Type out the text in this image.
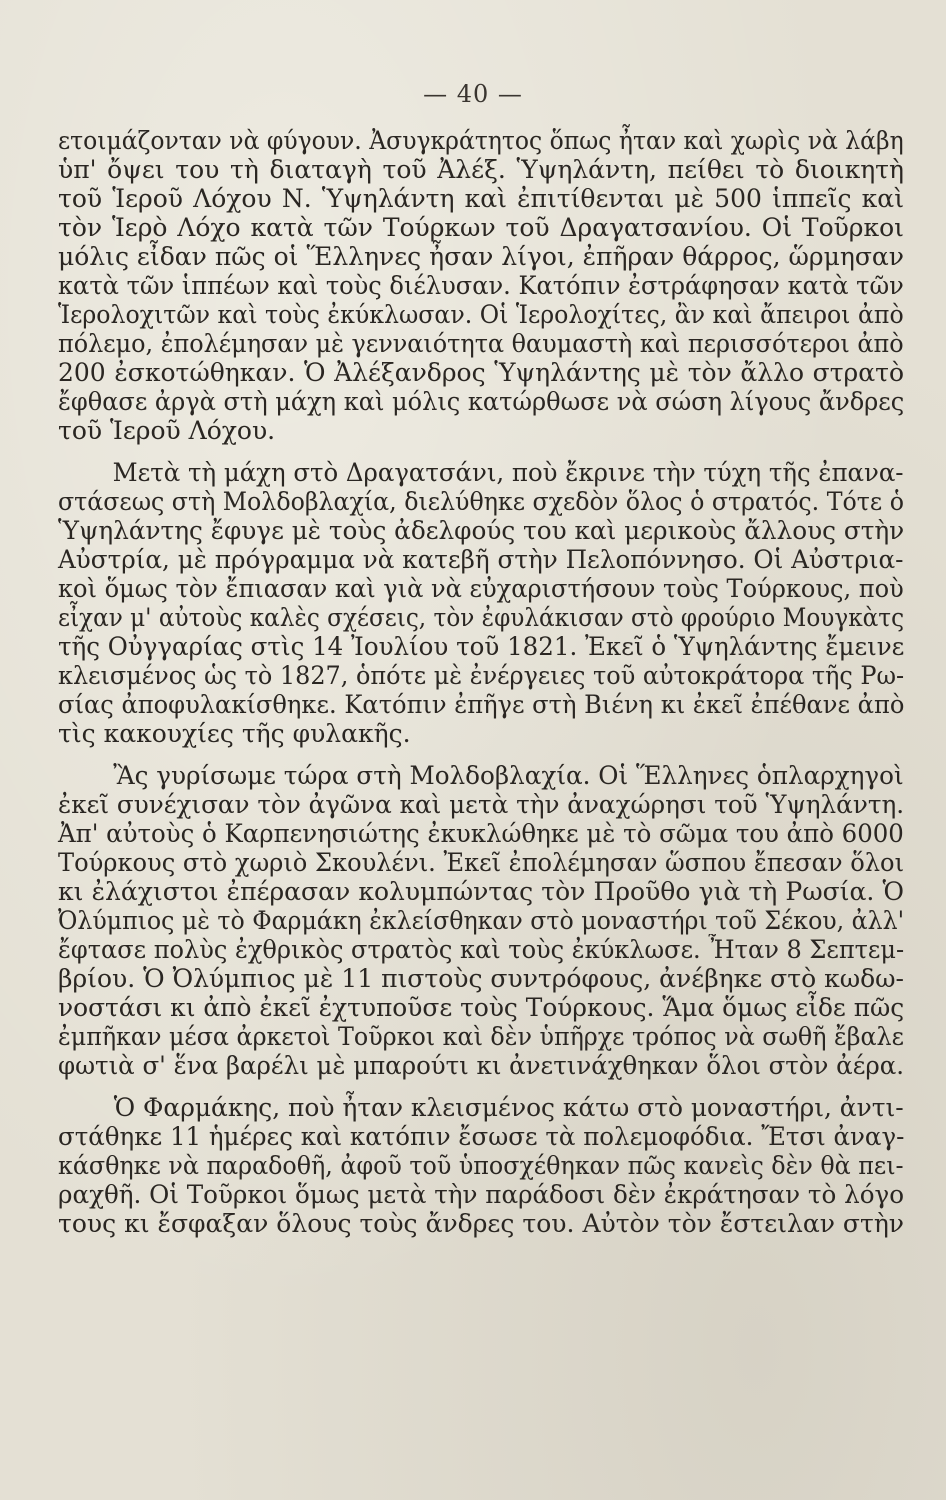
— 40 —
ετοιμάζονταν νὰ φύγουν. Ἀσυγκράτητος ὅπως ἦταν καὶ χωρὶς νὰ λάβη
ὑπ' ὄψει του τὴ διαταγὴ τοῦ Ἀλέξ. Ὑψηλάντη, πείθει τὸ διοικητὴ
τοῦ Ἱεροῦ Λόχου Ν. Ὑψηλάντη καὶ ἐπιτίθενται μὲ 500 ἱππεῖς καὶ
τὸν Ἱερὸ Λόχο κατὰ τῶν Τούρκων τοῦ Δραγατσανίου. Οἱ Τοῦρκοι
μόλις εἶδαν πῶς οἱ Ἕλληνες ἦσαν λίγοι, ἐπῆραν θάρρος, ὥρμησαν
κατὰ τῶν ἱππέων καὶ τοὺς διέλυσαν. Κατόπιν ἐστράφησαν κατὰ τῶν
Ἱερολοχιτῶν καὶ τοὺς ἐκύκλωσαν. Οἱ Ἱερολοχίτες, ἂν καὶ ἄπειροι ἀπὸ
πόλεμο, ἐπολέμησαν μὲ γενναιότητα θαυμαστὴ καὶ περισσότεροι ἀπὸ
200 ἐσκοτώθηκαν. Ὁ Ἀλέξανδρος Ὑψηλάντης μὲ τὸν ἄλλο στρατὸ
ἔφθασε ἀργὰ στὴ μάχη καὶ μόλις κατώρθωσε νὰ σώση λίγους ἄνδρες
τοῦ Ἱεροῦ Λόχου.
Μετὰ τὴ μάχη στὸ Δραγατσάνι, ποὺ ἔκρινε τὴν τύχη τῆς ἐπανα-
στάσεως στὴ Μολδοβλαχία, διελύθηκε σχεδὸν ὅλος ὁ στρατός. Τότε ὁ
Ὑψηλάντης ἔφυγε μὲ τοὺς ἀδελφούς του καὶ μερικοὺς ἄλλους στὴν
Αὐστρία, μὲ πρόγραμμα νὰ κατεβῆ στὴν Πελοπόννησο. Οἱ Αὐστρια-
κοὶ ὅμως τὸν ἔπιασαν καὶ γιὰ νὰ εὐχαριστήσουν τοὺς Τούρκους, ποὺ
εἶχαν μ' αὐτοὺς καλὲς σχέσεις, τὸν ἐφυλάκισαν στὸ φρούριο Μουγκὰτς
τῆς Οὐγγαρίας στὶς 14 Ἰουλίου τοῦ 1821. Ἐκεῖ ὁ Ὑψηλάντης ἔμεινε
κλεισμένος ὡς τὸ 1827, ὁπότε μὲ ἐνέργειες τοῦ αὐτοκράτορα τῆς Ρω-
σίας ἀποφυλακίσθηκε. Κατόπιν ἐπῆγε στὴ Βιένη κι ἐκεῖ ἐπέθανε ἀπὸ
τὶς κακουχίες τῆς φυλακῆς.
Ἂς γυρίσωμε τώρα στὴ Μολδοβλαχία. Οἱ Ἕλληνες ὁπλαρχηγοὶ
ἐκεῖ συνέχισαν τὸν ἀγῶνα καὶ μετὰ τὴν ἀναχώρησι τοῦ Ὑψηλάντη.
Ἀπ' αὐτοὺς ὁ Καρπενησιώτης ἐκυκλώθηκε μὲ τὸ σῶμα του ἀπὸ 6000
Τούρκους στὸ χωριὸ Σκουλένι. Ἐκεῖ ἐπολέμησαν ὥσπου ἔπεσαν ὅλοι
κι ἐλάχιστοι ἐπέρασαν κολυμπώντας τὸν Προῦθο γιὰ τὴ Ρωσία. Ὁ
Ὀλύμπιος μὲ τὸ Φαρμάκη ἐκλείσθηκαν στὸ μοναστήρι τοῦ Σέκου, ἀλλ'
ἔφτασε πολὺς ἐχθρικὸς στρατὸς καὶ τοὺς ἐκύκλωσε. Ἦταν 8 Σεπτεμ-
βρίου. Ὁ Ὀλύμπιος μὲ 11 πιστοὺς συντρόφους, ἀνέβηκε στὸ κωδω-
νοστάσι κι ἀπὸ ἐκεῖ ἐχτυποῦσε τοὺς Τούρκους. Ἅμα ὅμως εἶδε πῶς
ἐμπῆκαν μέσα ἀρκετοὶ Τοῦρκοι καὶ δὲν ὑπῆρχε τρόπος νὰ σωθῆ ἔβαλε
φωτιὰ σ' ἕνα βαρέλι μὲ μπαρούτι κι ἀνετινάχθηκαν ὅλοι στὸν ἀέρα.
Ὁ Φαρμάκης, ποὺ ἦταν κλεισμένος κάτω στὸ μοναστήρι, ἀντι-
στάθηκε 11 ἡμέρες καὶ κατόπιν ἔσωσε τὰ πολεμοφόδια. Ἔτσι ἀναγ-
κάσθηκε νὰ παραδοθῆ, ἀφοῦ τοῦ ὑποσχέθηκαν πῶς κανεὶς δὲν θὰ πει-
ραχθῆ. Οἱ Τοῦρκοι ὅμως μετὰ τὴν παράδοσι δὲν ἐκράτησαν τὸ λόγο
τους κι ἔσφαξαν ὅλους τοὺς ἄνδρες του. Αὐτὸν τὸν ἔστειλαν στὴν
